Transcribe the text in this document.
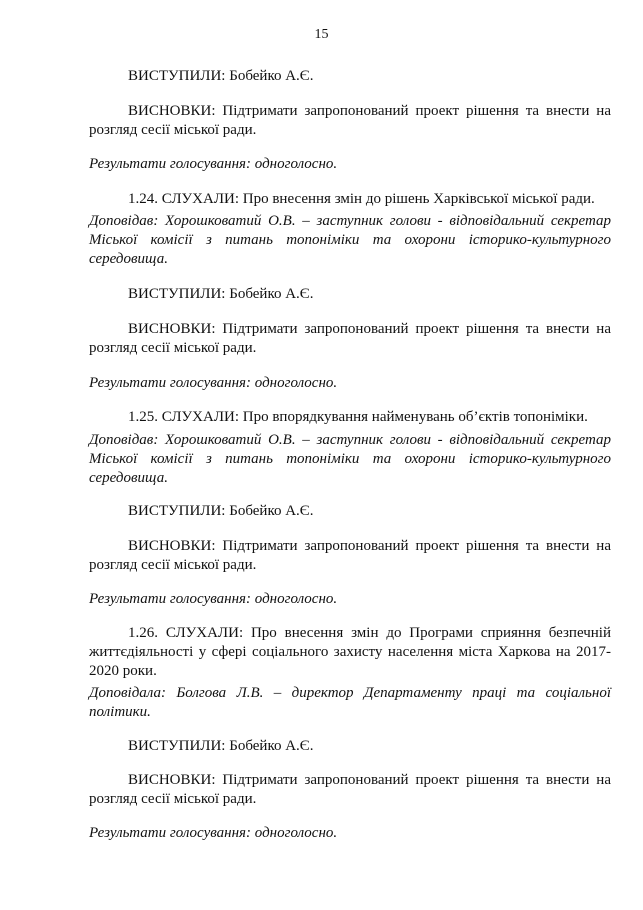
15
ВИСТУПИЛИ: Бобейко А.Є.
ВИСНОВКИ: Підтримати запропонований проект рішення та внести на розгляд сесії міської ради.
Результати голосування: одноголосно.
1.24. СЛУХАЛИ: Про внесення змін до рішень Харківської міської ради.
Доповідав: Хорошковатий О.В. – заступник голови - відповідальний секретар Міської комісії з питань топоніміки та охорони історико-культурного середовища.
ВИСТУПИЛИ: Бобейко А.Є.
ВИСНОВКИ: Підтримати запропонований проект рішення та внести на розгляд сесії міської ради.
Результати голосування: одноголосно.
1.25. СЛУХАЛИ: Про впорядкування найменувань об’єктів топоніміки.
Доповідав: Хорошковатий О.В. – заступник голови - відповідальний секретар Міської комісії з питань топоніміки та охорони історико-культурного середовища.
ВИСТУПИЛИ: Бобейко А.Є.
ВИСНОВКИ: Підтримати запропонований проект рішення та внести на розгляд сесії міської ради.
Результати голосування: одноголосно.
1.26. СЛУХАЛИ: Про внесення змін до Програми сприяння безпечній життєдіяльності у сфері соціального захисту населення міста Харкова на 2017-2020 роки.
Доповідала: Болгова Л.В. – директор Департаменту праці та соціальної політики.
ВИСТУПИЛИ: Бобейко А.Є.
ВИСНОВКИ: Підтримати запропонований проект рішення та внести на розгляд сесії міської ради.
Результати голосування: одноголосно.
